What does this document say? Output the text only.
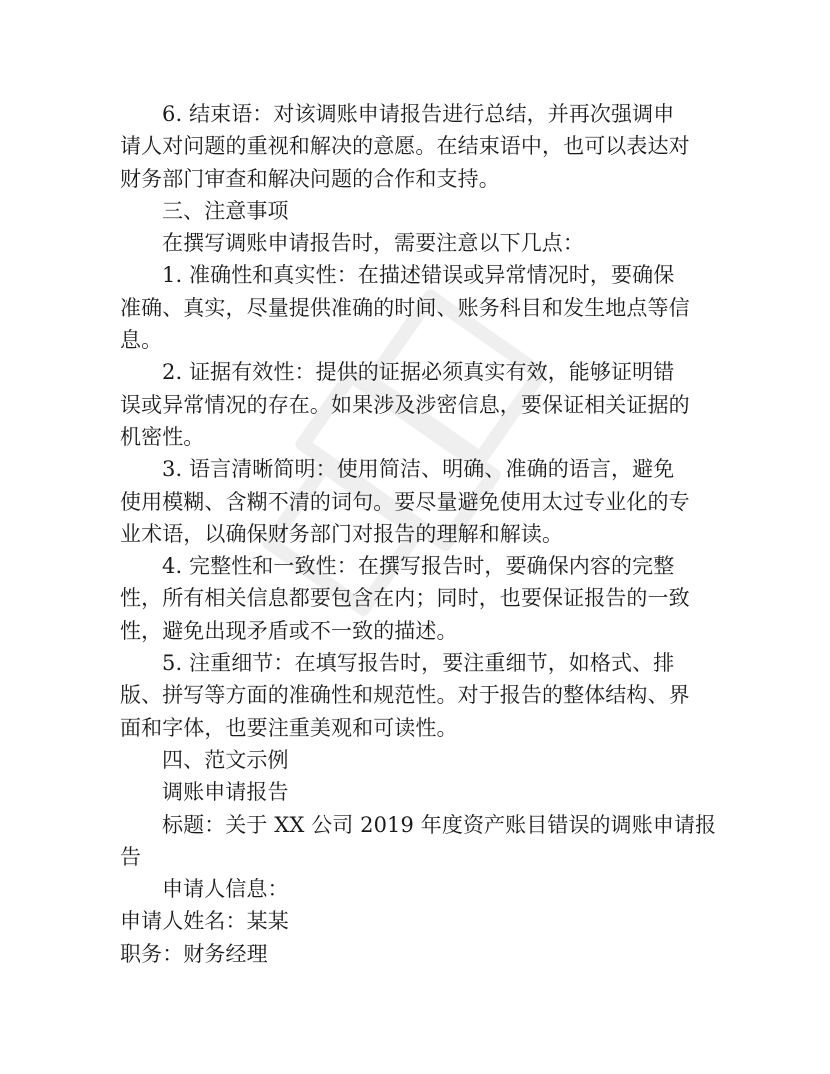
6. 结束语：对该调账申请报告进行总结，并再次强调申
请人对问题的重视和解决的意愿。在结束语中，也可以表达对
财务部门审查和解决问题的合作和支持。
三、注意事项
在撰写调账申请报告时，需要注意以下几点：
1. 准确性和真实性：在描述错误或异常情况时，要确保
准确、真实，尽量提供准确的时间、账务科目和发生地点等信
息。
2. 证据有效性：提供的证据必须真实有效，能够证明错
误或异常情况的存在。如果涉及涉密信息，要保证相关证据的
机密性。
3. 语言清晰简明：使用简洁、明确、准确的语言，避免
使用模糊、含糊不清的词句。要尽量避免使用太过专业化的专
业术语，以确保财务部门对报告的理解和解读。
4. 完整性和一致性：在撰写报告时，要确保内容的完整
性，所有相关信息都要包含在内；同时，也要保证报告的一致
性，避免出现矛盾或不一致的描述。
5. 注重细节：在填写报告时，要注重细节，如格式、排
版、拼写等方面的准确性和规范性。对于报告的整体结构、界
面和字体，也要注重美观和可读性。
四、范文示例
调账申请报告
标题：关于 XX 公司 2019 年度资产账目错误的调账申请报
告
申请人信息：
申请人姓名：某某
职务：财务经理
